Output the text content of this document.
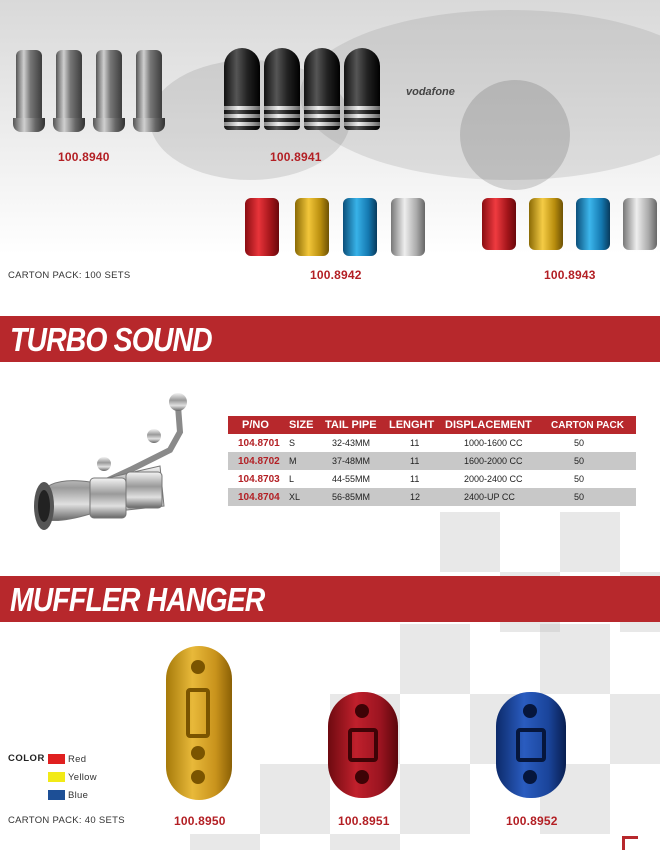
vodafone
100.8940	100.8941
100.8942	100.8943
CARTON PACK: 100 SETS
TURBO SOUND
P/NO	SIZE	TAIL PIPE	LENGHT	DISPLACEMENT	CARTON PACK
104.8701	S	32-43MM	11	1000-1600 CC	50
104.8702	M	37-48MM	11	1600-2000 CC	50
104.8703	L	44-55MM	11	2000-2400 CC	50
104.8704	XL	56-85MM	12	2400-UP CC	50
MUFFLER HANGER
100.8950	100.8951	100.8952
COLOR Red
Yellow
Blue
CARTON PACK: 40 SETS
